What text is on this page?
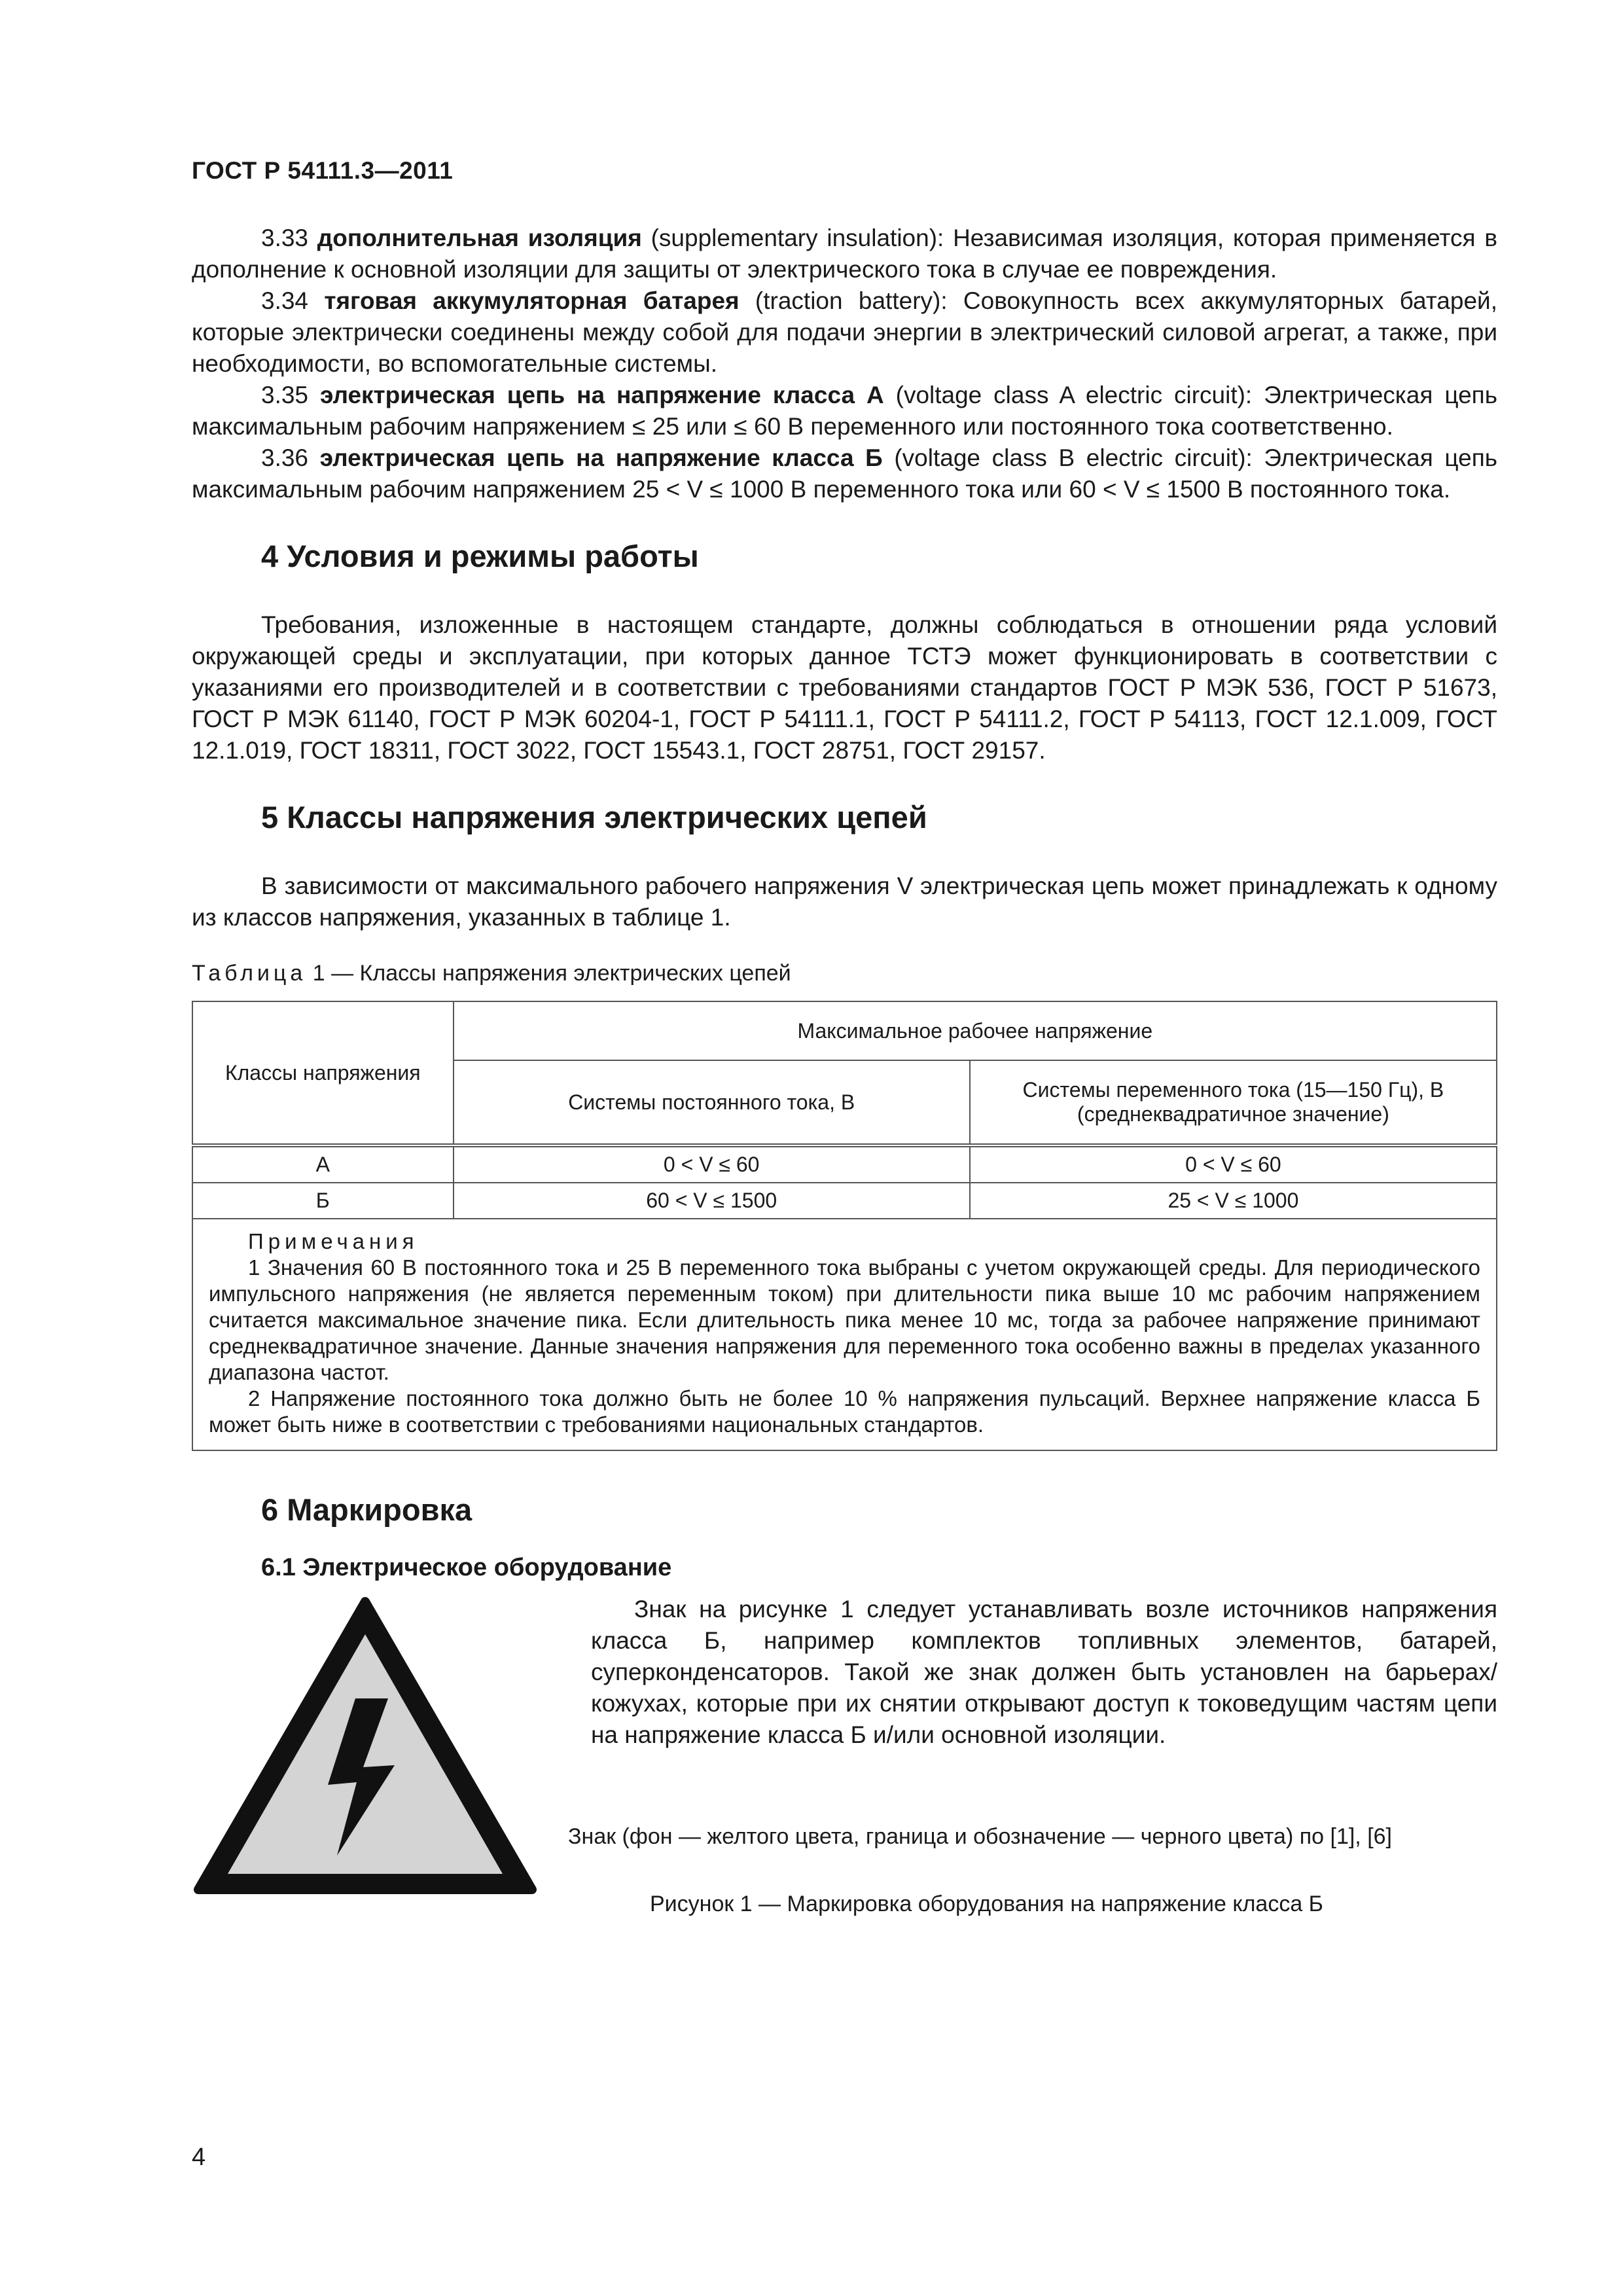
ГОСТ Р 54111.3—2011

3.33 дополнительная изоляция (supplementary insulation): Независимая изоляция, которая применяется в дополнение к основной изоляции для защиты от электрического тока в случае ее повреждения.

3.34 тяговая аккумуляторная батарея (traction battery): Совокупность всех аккумуляторных батарей, которые электрически соединены между собой для подачи энергии в электрический силовой агрегат, а также, при необходимости, во вспомогательные системы.

3.35 электрическая цепь на напряжение класса А (voltage class A electric circuit): Электрическая цепь максимальным рабочим напряжением ≤ 25 или ≤ 60 В переменного или постоянного тока соответственно.

3.36 электрическая цепь на напряжение класса Б (voltage class B electric circuit): Электрическая цепь максимальным рабочим напряжением 25 < V ≤ 1000 В переменного тока или 60 < V ≤ 1500 В постоянного тока.

4 Условия и режимы работы

Требования, изложенные в настоящем стандарте, должны соблюдаться в отношении ряда условий окружающей среды и эксплуатации, при которых данное ТСТЭ может функционировать в соответствии с указаниями его производителей и в соответствии с требованиями стандартов ГОСТ Р МЭК 536, ГОСТ Р 51673, ГОСТ Р МЭК 61140, ГОСТ Р МЭК 60204-1, ГОСТ Р 54111.1, ГОСТ Р 54111.2, ГОСТ Р 54113, ГОСТ 12.1.009, ГОСТ 12.1.019, ГОСТ 18311, ГОСТ 3022, ГОСТ 15543.1, ГОСТ 28751, ГОСТ 29157.

5 Классы напряжения электрических цепей

В зависимости от максимального рабочего напряжения V электрическая цепь может принадлежать к одному из классов напряжения, указанных в таблице 1.

Таблица 1 — Классы напряжения электрических цепей
Классы напряжения	Максимальное рабочее напряжение	
	Системы постоянного тока, В	Системы переменного тока (15—150 Гц), В
(среднеквадратичное значение)
А	0 < V ≤ 60	0 < V ≤ 60
Б	60 < V ≤ 1500	25 < V ≤ 1000

Примечания

1 Значения 60 В постоянного тока и 25 В переменного тока выбраны с учетом окружающей среды. Для периодического импульсного напряжения (не является переменным током) при длительности пика выше 10 мс рабочим напряжением считается максимальное значение пика. Если длительность пика менее 10 мс, тогда за рабочее напряжение принимают среднеквадратичное значение. Данные значения напряжения для переменного тока особенно важны в пределах указанного диапазона частот.

2 Напряжение постоянного тока должно быть не более 10 % напряжения пульсаций. Верхнее напряжение класса Б может быть ниже в соответствии с требованиями национальных стандартов.		

6 Маркировка
6.1 Электрическое оборудование

Знак на рисунке 1 следует устанавливать возле источников напряжения класса Б, например комплектов топливных элементов, батарей, суперконденсаторов. Такой же знак должен быть установлен на барьерах/кожухах, которые при их снятии открывают доступ к токоведущим частям цепи на напряжение класса Б и/или основной изоляции.

Знак (фон — желтого цвета, граница и обозначение — черного цвета) по [1], [6]
Рисунок 1 — Маркировка оборудования на напряжение класса Б
4
